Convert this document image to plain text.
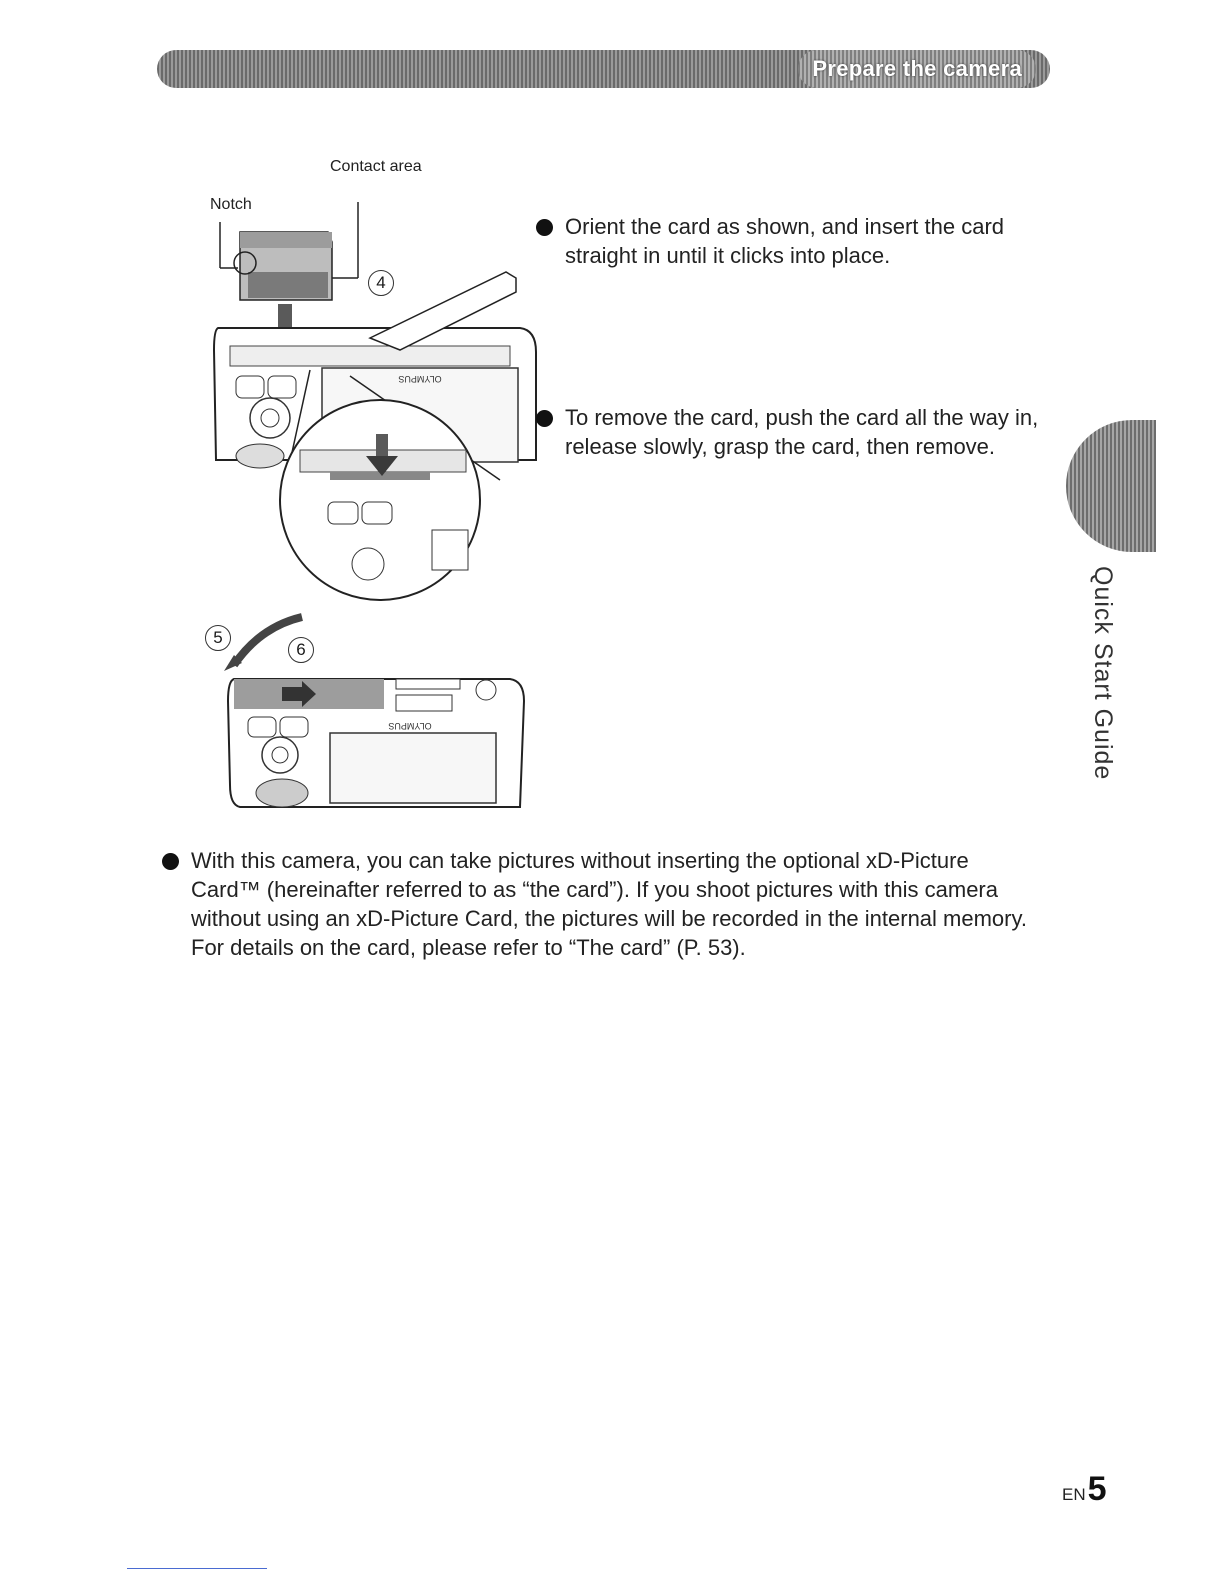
Prepare the camera
Contact area
Notch
OLYMPUS
4
5
6
OLYMPUS
Orient the card as shown, and insert the card straight in until it clicks into place.
To remove the card, push the card all the way in, release slowly, grasp the card, then remove.
With this camera, you can take pictures without inserting the optional xD-Picture Card™ (hereinafter referred to as “the card”). If you shoot pictures with this camera without using an xD-Picture Card, the pictures will be recorded in the internal memory. For details on the card, please refer to “The card” (P. 53).
Quick Start Guide
EN 5
